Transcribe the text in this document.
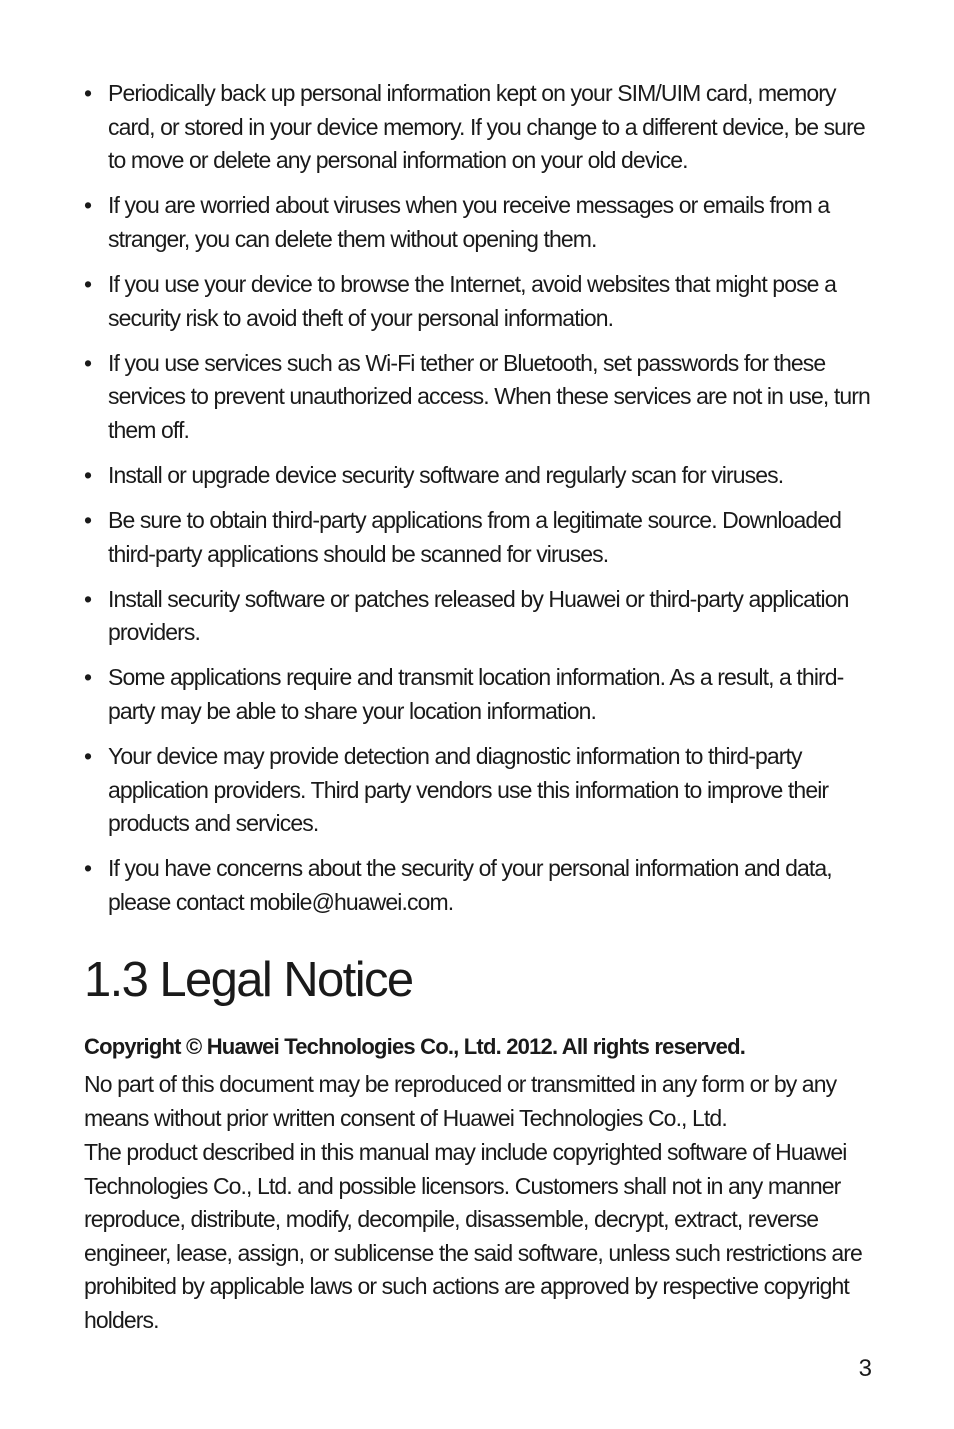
• Periodically back up personal information kept on your SIM/UIM card, memory card, or stored in your device memory. If you change to a different device, be sure to move or delete any personal information on your old device.
• If you are worried about viruses when you receive messages or emails from a stranger, you can delete them without opening them.
• If you use your device to browse the Internet, avoid websites that might pose a security risk to avoid theft of your personal information.
• If you use services such as Wi-Fi tether or Bluetooth, set passwords for these services to prevent unauthorized access. When these services are not in use, turn them off.
• Install or upgrade device security software and regularly scan for viruses.
• Be sure to obtain third-party applications from a legitimate source. Downloaded third-party applications should be scanned for viruses.
• Install security software or patches released by Huawei or third-party application providers.
• Some applications require and transmit location information. As a result, a third-party may be able to share your location information.
• Your device may provide detection and diagnostic information to third-party application providers. Third party vendors use this information to improve their products and services.
• If you have concerns about the security of your personal information and data, please contact mobile@huawei.com.
1.3 Legal Notice

Copyright © Huawei Technologies Co., Ltd. 2012. All rights reserved.

No part of this document may be reproduced or transmitted in any form or by any means without prior written consent of Huawei Technologies Co., Ltd.

The product described in this manual may include copyrighted software of Huawei Technologies Co., Ltd. and possible licensors. Customers shall not in any manner reproduce, distribute, modify, decompile, disassemble, decrypt, extract, reverse engineer, lease, assign, or sublicense the said software, unless such restrictions are prohibited by applicable laws or such actions are approved by respective copyright holders.

3
